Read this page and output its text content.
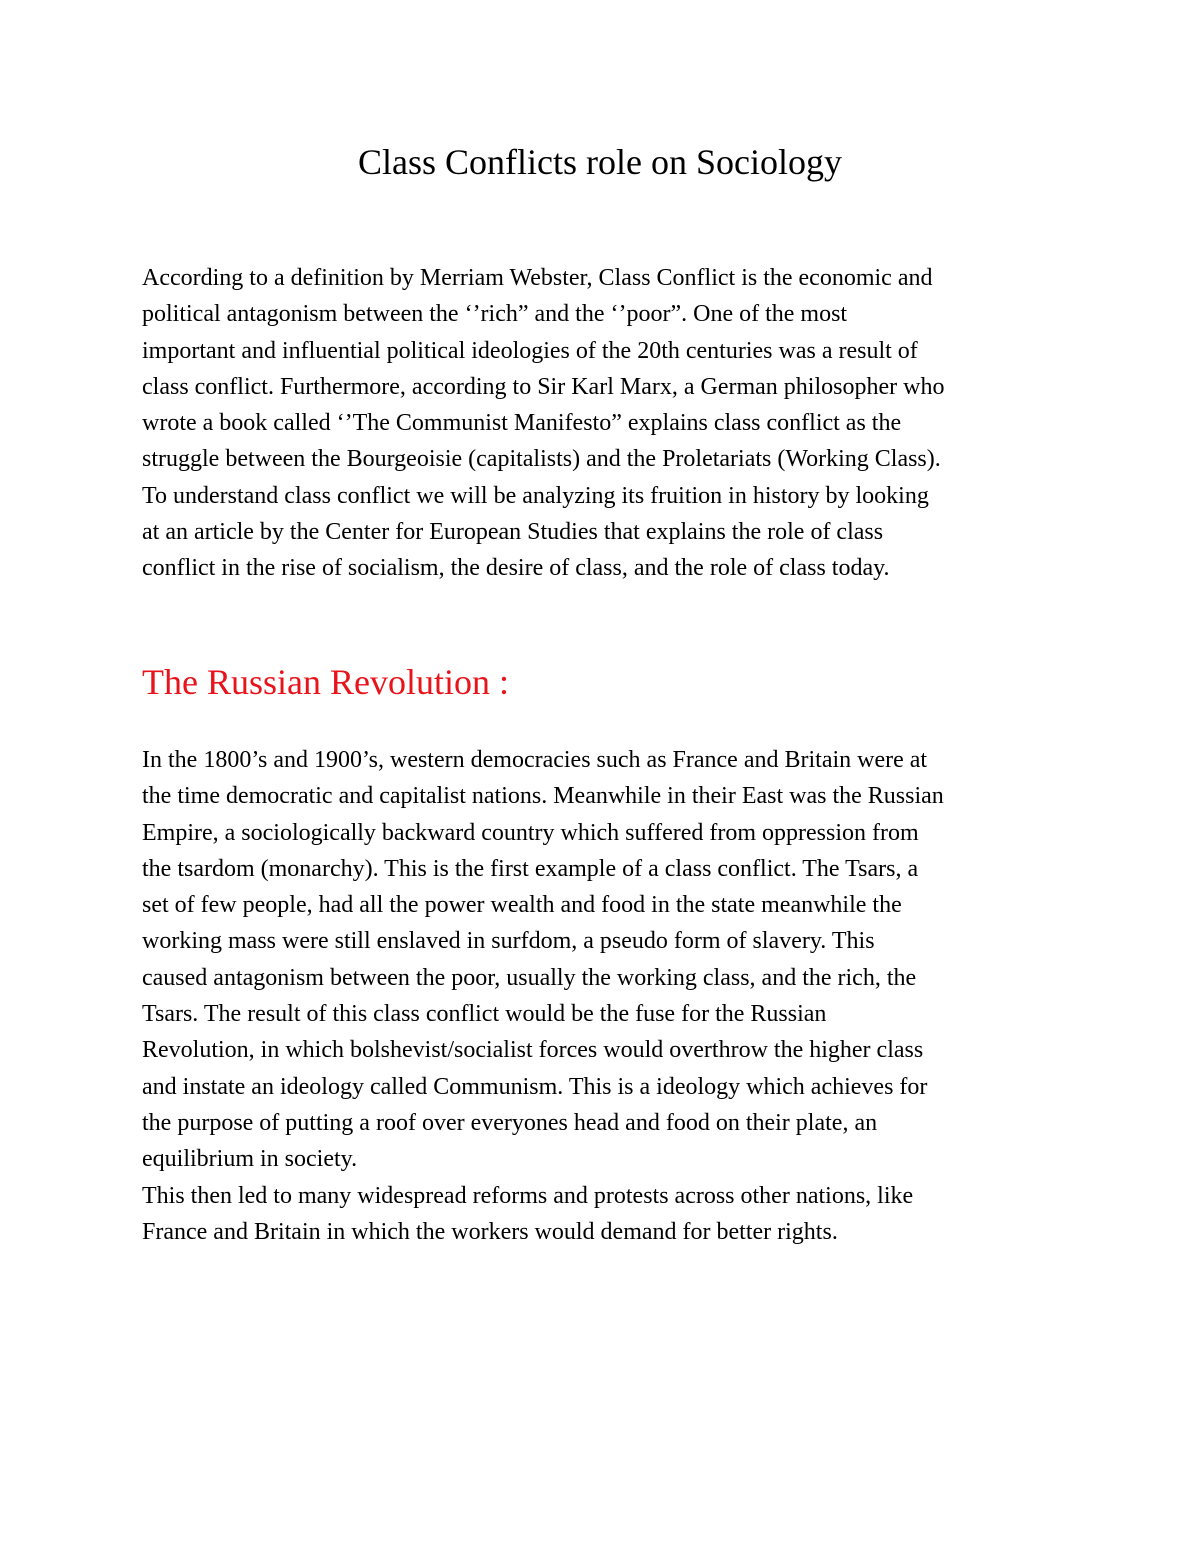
Class Conflicts role on Sociology

According to a definition by Merriam Webster, Class Conflict is the economic and
political antagonism between the ‘’rich” and the ‘’poor”. One of the most
important and influential political ideologies of the 20th centuries was a result of
class conflict. Furthermore, according to Sir Karl Marx, a German philosopher who
wrote a book called ‘’The Communist Manifesto” explains class conflict as the
struggle between the Bourgeoisie (capitalists) and the Proletariats (Working Class).
To understand class conflict we will be analyzing its fruition in history by looking
at an article by the Center for European Studies that explains the role of class
conflict in the rise of socialism, the desire of class, and the role of class today.

The Russian Revolution :

In the 1800’s and 1900’s, western democracies such as France and Britain were at
the time democratic and capitalist nations. Meanwhile in their East was the Russian
Empire, a sociologically backward country which suffered from oppression from
the tsardom (monarchy). This is the first example of a class conflict. The Tsars, a
set of few people, had all the power wealth and food in the state meanwhile the
working mass were still enslaved in surfdom, a pseudo form of slavery. This
caused antagonism between the poor, usually the working class, and the rich, the
Tsars. The result of this class conflict would be the fuse for the Russian
Revolution, in which bolshevist/socialist forces would overthrow the higher class
and instate an ideology called Communism. This is a ideology which achieves for
the purpose of putting a roof over everyones head and food on their plate, an
equilibrium in society.

This then led to many widespread reforms and protests across other nations, like
France and Britain in which the workers would demand for better rights.
